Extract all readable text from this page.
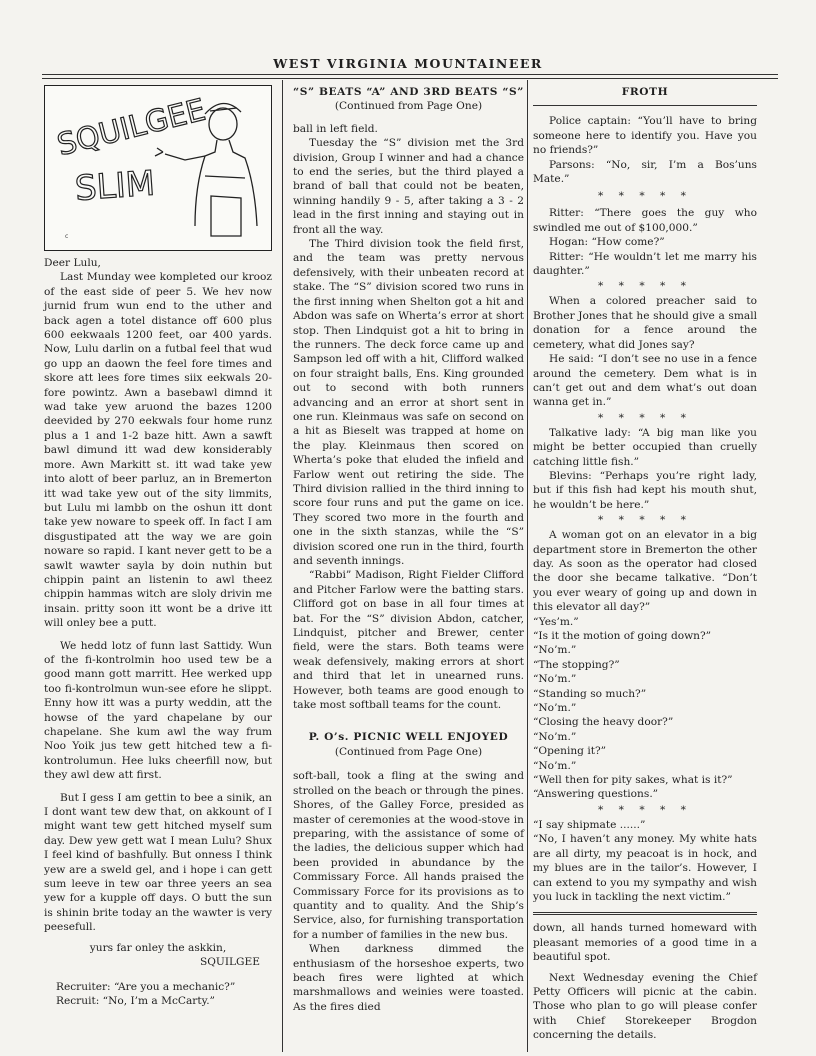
WEST VIRGINIA MOUNTAINEER
SQUILGEE
SLIM
c

Deer Lulu,

Last Munday wee kompleted our krooz of the east side of peer 5. We hev now jurnid frum wun end to the uther and back agen a totel distance off 600 plus 600 eekwaals 1200 feet, oar 400 yards. Now, Lulu darlin on a futbal feel that wud go upp an daown the feel fore times and skore att lees fore times siix eekwals 20-fore powintz. Awn a basebawl dimnd it wad take yew aruond the bazes 1200 deevided by 270 eekwals four home runz plus a 1 and 1-2 baze hitt. Awn a sawft bawl dimund itt wad dew konsiderably more. Awn Markitt st. itt wad take yew into alott of beer parluz, an in Bremerton itt wad take yew out of the sity limmits, but Lulu mi lambb on the oshun itt dont take yew noware to speek off. In fact I am disgustipated att the way we are goin noware so rapid. I kant never gett to be a sawlt wawter sayla by doin nuthin but chippin paint an listenin to awl theez chippin hammas witch are sloly drivin me insain. pritty soon itt wont be a drive itt will onley bee a putt.

We hedd lotz of funn last Sattidy. Wun of the fi-kontrolmin hoo used tew be a good mann gott marritt. Hee werked upp too fi-kontrolmun wun-see efore he slippt. Enny how itt was a purty weddin, att the howse of the yard chapelane by our chapelane. She kum awl the way frum Noo Yoik jus tew gett hitched tew a fi-kontrolumun. Hee luks cheerfill now, but they awl dew att first.

But I gess I am gettin to bee a sinik, an I dont want tew dew that, on akkount of I might want tew gett hitched myself sum day. Dew yew gett wat I mean Lulu? Shux I feel kind of bashfully. But onness I think yew are a sweld gel, and i hope i can gett sum leeve in tew oar three yeers an sea yew for a kupple off days. O butt the sun is shinin brite today an the wawter is very peesefull.

yurs far onley the askkin,

SQUILGEE

Recruiter: “Are you a mechanic?”

Recruit: “No, I’m a McCarty.”

“S” BEATS “A” AND 3RD BEATS “S”
(Continued from Page One)

ball in left field.

Tuesday the “S” division met the 3rd division, Group I winner and had a chance to end the series, but the third played a brand of ball that could not be beaten, winning handily 9 - 5, after taking a 3 - 2 lead in the first inning and staying out in front all the way.

The Third division took the field first, and the team was pretty nervous defensively, with their unbeaten record at stake. The “S” division scored two runs in the first inning when Shelton got a hit and Abdon was safe on Wherta’s error at short stop. Then Lindquist got a hit to bring in the runners. The deck force came up and Sampson led off with a hit, Clifford walked on four straight balls, Ens. King grounded out to second with both runners advancing and an error at short sent in one run. Kleinmaus was safe on second on a hit as Bieselt was trapped at home on the play. Kleinmaus then scored on Wherta’s poke that eluded the infield and Farlow went out retiring the side. The Third division rallied in the third inning to score four runs and put the game on ice. They scored two more in the fourth and one in the sixth stanzas, while the “S” division scored one run in the third, fourth and seventh innings.

“Rabbi” Madison, Right Fielder Clifford and Pitcher Farlow were the batting stars. Clifford got on base in all four times at bat. For the “S” division Abdon, catcher, Lindquist, pitcher and Brewer, center field, were the stars. Both teams were weak defensively, making errors at short and third that let in unearned runs. However, both teams are good enough to take most softball teams for the count.

P. O’s. PICNIC WELL ENJOYED
(Continued from Page One)

soft-ball, took a fling at the swing and strolled on the beach or through the pines. Shores, of the Galley Force, presided as master of ceremonies at the wood-stove in preparing, with the assistance of some of the ladies, the delicious supper which had been provided in abundance by the Commissary Force. All hands praised the Commissary Force for its provisions as to quantity and to quality. And the Ship’s Service, also, for furnishing transportation for a number of families in the new bus.

When darkness dimmed the enthusiasm of the horseshoe experts, two beach fires were lighted at which marshmallows and weinies were toasted. As the fires died

FROTH

Police captain: “You’ll have to bring someone here to identify you. Have you no friends?”

Parsons: “No, sir, I’m a Bos’uns Mate.”

* * * * *

Ritter: “There goes the guy who swindled me out of $100,000.”

Hogan: “How come?”

Ritter: “He wouldn’t let me marry his daughter.”

* * * * *

When a colored preacher said to Brother Jones that he should give a small donation for a fence around the cemetery, what did Jones say?

He said: “I don’t see no use in a fence around the cemetery. Dem what is in can’t get out and dem what’s out doan wanna get in.”

* * * * *

Talkative lady: “A big man like you might be better occupied than cruelly catching little fish.”

Blevins: “Perhaps you’re right lady, but if this fish had kept his mouth shut, he wouldn’t be here.”

* * * * *

A woman got on an elevator in a big department store in Bremerton the other day. As soon as the operator had closed the door she became talkative. “Don’t you ever weary of going up and down in this elevator all day?”

“Yes’m.”

“Is it the motion of going down?”

“No’m.”

“The stopping?”

“No’m.”

“Standing so much?”

“No’m.”

“Closing the heavy door?”

“No’m.”

“Opening it?”

“No’m.”

“Well then for pity sakes, what is it?”

“Answering questions.”

* * * * *

“I say shipmate ......”

“No, I haven’t any money. My white hats are all dirty, my peacoat is in hock, and my blues are in the tailor’s. However, I can extend to you my sympathy and wish you luck in tackling the next victim.”

down, all hands turned homeward with pleasant memories of a good time in a beautiful spot.

Next Wednesday evening the Chief Petty Officers will picnic at the cabin. Those who plan to go will please confer with Chief Storekeeper Brogdon concerning the details.
